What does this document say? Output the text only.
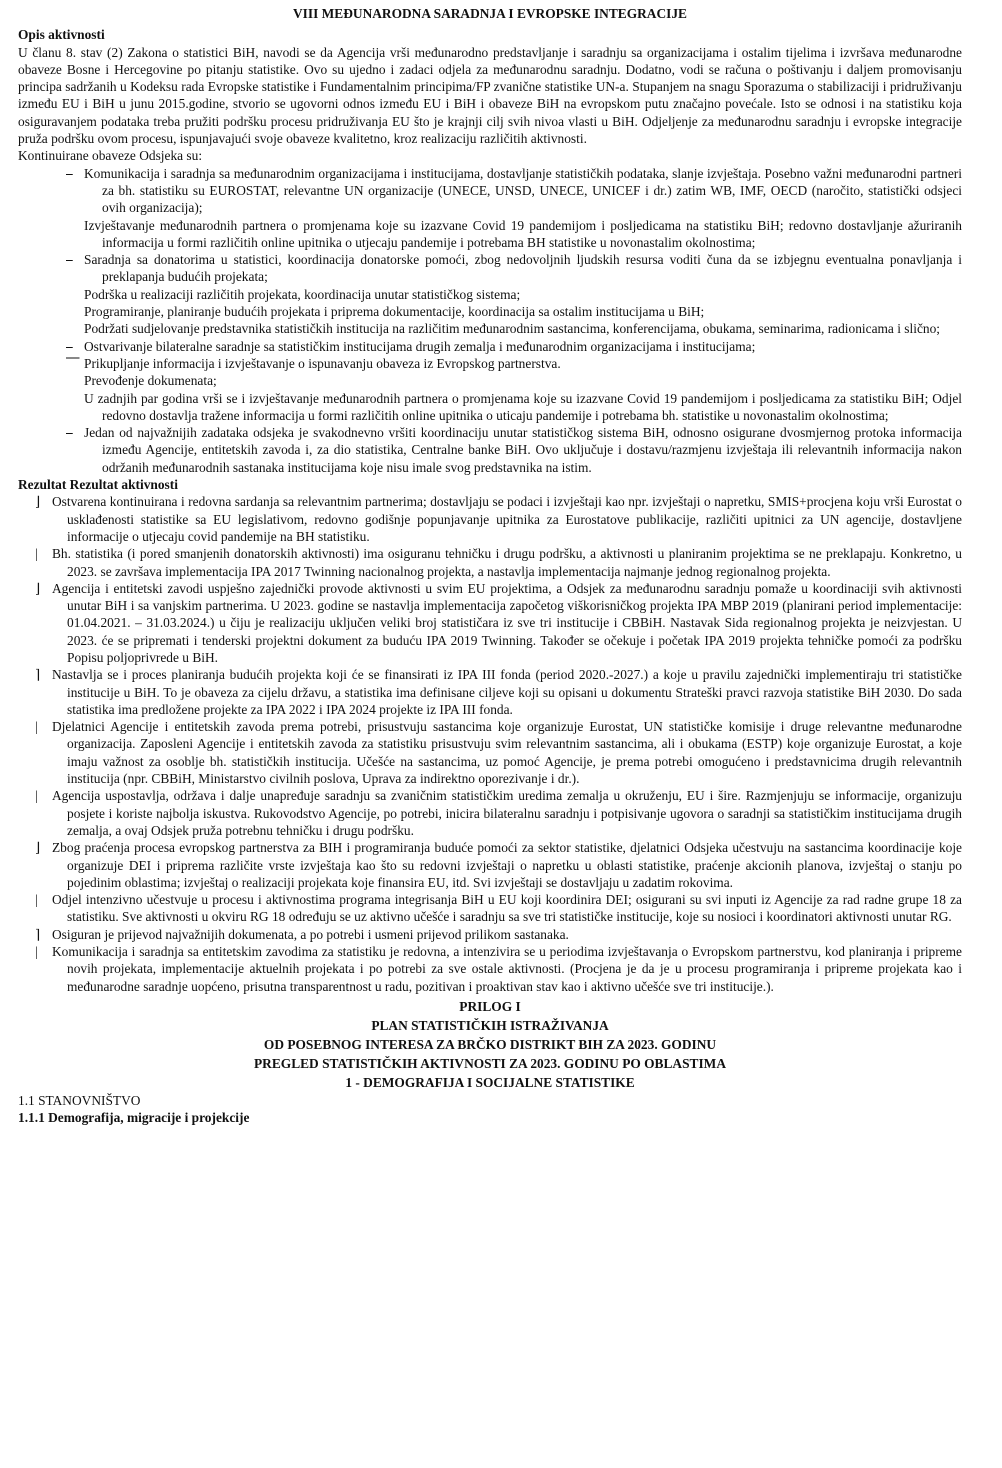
VIII MEĐUNARODNA SARADNJA I EVROPSKE INTEGRACIJE
Opis aktivnosti

U članu 8. stav (2) Zakona o statistici BiH, navodi se da Agencija vrši međunarodno predstavljanje i saradnju sa organizacijama i ostalim tijelima i izvršava međunarodne obaveze Bosne i Hercegovine po pitanju statistike. Ovo su ujedno i zadaci odjela za međunarodnu saradnju. Dodatno, vodi se računa o poštivanju i daljem promovisanju principa sadržanih u Kodeksu rada Evropske statistike i Fundamentalnim principima/FP zvanične statistike UN-a. Stupanjem na snagu Sporazuma o stabilizaciji i pridruživanju između EU i BiH u junu 2015.godine, stvorio se ugovorni odnos između EU i BiH i obaveze BiH na evropskom putu značajno povećale. Isto se odnosi i na statistiku koja osiguravanjem podataka treba pružiti podršku procesu pridruživanja EU što je krajnji cilj svih nivoa vlasti u BiH. Odjeljenje za međunarodnu saradnju i evropske integracije pruža podršku ovom procesu, ispunjavajući svoje obaveze kvalitetno, kroz realizaciju različitih aktivnosti.

Kontinuirane obaveze Odsjeka su:
⎯ Komunikacija i saradnja sa međunarodnim organizacijama i institucijama, dostavljanje statističkih podataka, slanje izvještaja. Posebno važni međunarodni partneri za bh. statistiku su EUROSTAT, relevantne UN organizacije (UNECE, UNSD, UNECE, UNICEF i dr.) zatim WB, IMF, OECD (naročito, statistički odsjeci ovih organizacija);
Izvještavanje međunarodnih partnera o promjenama koje su izazvane Covid 19 pandemijom i posljedicama na statistiku BiH; redovno dostavljanje ažuriranih informacija u formi različitih online upitnika o utjecaju pandemije i potrebama BH statistike u novonastalim okolnostima;
⎯ Saradnja sa donatorima u statistici, koordinacija donatorske pomoći, zbog nedovoljnih ljudskih resursa voditi čuna da se izbjegnu eventualna ponavljanja i preklapanja budućih projekata;
Podrška u realizaciji različitih projekata, koordinacija unutar statističkog sistema;
Programiranje, planiranje budućih projekata i priprema dokumentacije, koordinacija sa ostalim institucijama u BiH;
Podržati sudjelovanje predstavnika statističkih institucija na različitim međunarodnim sastancima, konferencijama, obukama, seminarima, radionicama i slično;
⎯ Ostvarivanje bilateralne saradnje sa statističkim institucijama drugih zemalja i međunarodnim organizacijama i institucijama;
⎺ Prikupljanje informacija i izvještavanje o ispunavanju obaveza iz Evropskog partnerstva.
Prevođenje dokumenata;
U zadnjih par godina vrši se i izvještavanje međunarodnih partnera o promjenama koje su izazvane Covid 19 pandemijom i posljedicama za statistiku BiH; Odjel redovno dostavlja tražene informacija u formi različitih online upitnika o uticaju pandemije i potrebama bh. statistike u novonastalim okolnostima;
⎯ Jedan od najvažnijih zadataka odsjeka je svakodnevno vršiti koordinaciju unutar statističkog sistema BiH, odnosno osigurane dvosmjernog protoka informacija između Agencije, entitetskih zavoda i, za dio statistika, Centralne banke BiH. Ovo uključuje i dostavu/razmjenu izvještaja ili relevantnih informacija nakon održanih međunarodnih sastanaka institucijama koje nisu imale svog predstavnika na istim.
Rezultat Rezultat aktivnosti
⌋ Ostvarena kontinuirana i redovna sardanja sa relevantnim partnerima; dostavljaju se podaci i izvještaji kao npr. izvještaji o napretku, SMIS+procjena koju vrši Eurostat o usklađenosti statistike sa EU legislativom, redovno godišnje popunjavanje upitnika za Eurostatove publikacije, različiti upitnici za UN agencije, dostavljene informacije o utjecaju covid pandemije na BH statistiku.
| Bh. statistika (i pored smanjenih donatorskih aktivnosti) ima osiguranu tehničku i drugu podršku, a aktivnosti u planiranim projektima se ne preklapaju. Konkretno, u 2023. se završava implementacija IPA 2017 Twinning nacionalnog projekta, a nastavlja implementacija najmanje jednog regionalnog projekta.
⌋ Agencija i entitetski zavodi uspješno zajednički provode aktivnosti u svim EU projektima, a Odsjek za međunarodnu saradnju pomaže u koordinaciji svih aktivnosti unutar BiH i sa vanjskim partnerima. U 2023. godine se nastavlja implementacija započetog viškorisničkog projekta IPA MBP 2019 (planirani period implementacije: 01.04.2021. – 31.03.2024.) u čiju je realizaciju uključen veliki broj statističara iz sve tri institucije i CBBiH. Nastavak Sida regionalnog projekta je neizvjestan. U 2023. će se pripremati i tenderski projektni dokument za buduću IPA 2019 Twinning. Također se očekuje i početak IPA 2019 projekta tehničke pomoći za podršku Popisu poljoprivrede u BiH.
⌉ Nastavlja se i proces planiranja budućih projekta koji će se finansirati iz IPA III fonda (period 2020.-2027.) a koje u pravilu zajednički implementiraju tri statističke institucije u BiH. To je obaveza za cijelu državu, a statistika ima definisane ciljeve koji su opisani u dokumentu Strateški pravci razvoja statistike BiH 2030. Do sada statistika ima predložene projekte za IPA 2022 i IPA 2024 projekte iz IPA III fonda.
| Djelatnici Agencije i entitetskih zavoda prema potrebi, prisustvuju sastancima koje organizuje Eurostat, UN statističke komisije i druge relevantne međunarodne organizacija. Zaposleni Agencije i entitetskih zavoda za statistiku prisustvuju svim relevantnim sastancima, ali i obukama (ESTP) koje organizuje Eurostat, a koje imaju važnost za osoblje bh. statističkih institucija. Učešće na sastancima, uz pomoć Agencije, je prema potrebi omogućeno i predstavnicima drugih relevantnih institucija (npr. CBBiH, Ministarstvo civilnih poslova, Uprava za indirektno oporezivanje i dr.).
| Agencija uspostavlja, održava i dalje unapređuje saradnju sa zvaničnim statističkim uredima zemalja u okruženju, EU i šire. Razmjenjuju se informacije, organizuju posjete i koriste najbolja iskustva. Rukovodstvo Agencije, po potrebi, inicira bilateralnu saradnju i potpisivanje ugovora o saradnji sa statističkim institucijama drugih zemalja, a ovaj Odsjek pruža potrebnu tehničku i drugu podršku.
⌋ Zbog praćenja procesa evropskog partnerstva za BIH i programiranja buduće pomoći za sektor statistike, djelatnici Odsjeka učestvuju na sastancima koordinacije koje organizuje DEI i pripremа različite vrste izvještaja kao što su redovni izvještaji o napretku u oblasti statistike, praćenje akcionih planova, izvještaj o stanju po pojedinim oblastima; izvještaj o realizaciji projekata koje finansira EU, itd. Svi izvještaji se dostavljaju u zadatim rokovima.
| Odjel intenzivno učestvuje u procesu i aktivnostima programa integrisanja BiH u EU koji koordinira DEI; osigurani su svi inputi iz Agencije za rad radne grupe 18 za statistiku. Sve aktivnosti u okviru RG 18 određuju se uz aktivno učešće i saradnju sa sve tri statističke institucije, koje su nosioci i koordinatori aktivnosti unutar RG.
⌉ Osiguran je prijevod najvažnijih dokumenata, a po potrebi i usmeni prijevod prilikom sastanaka.
| Komunikacija i saradnja sa entitetskim zavodima za statistiku je redovna, a intenzivira se u periodima izvještavanja o Evropskom partnerstvu, kod planiranja i pripreme novih projekata, implementacije aktuelnih projekata i po potrebi za sve ostale aktivnosti. (Procjena je da je u procesu programiranja i pripreme projekata kao i međunarodne saradnje uopćeno, prisutna transparentnost u radu, pozitivan i proaktivan stav kao i aktivno učešće sve tri institucije.).
PRILOG I
PLAN STATISTIČKIH ISTRAŽIVANJA
OD POSEBNOG INTERESA ZA BRČKO DISTRIKT BIH ZA 2023. GODINU
PREGLED STATISTIČKIH AKTIVNOSTI ZA 2023. GODINU PO OBLASTIMA
1 - DEMOGRAFIJA I SOCIJALNE STATISTIKE
1.1 STANOVNIŠTVO
1.1.1 Demografija, migracije i projekcije
